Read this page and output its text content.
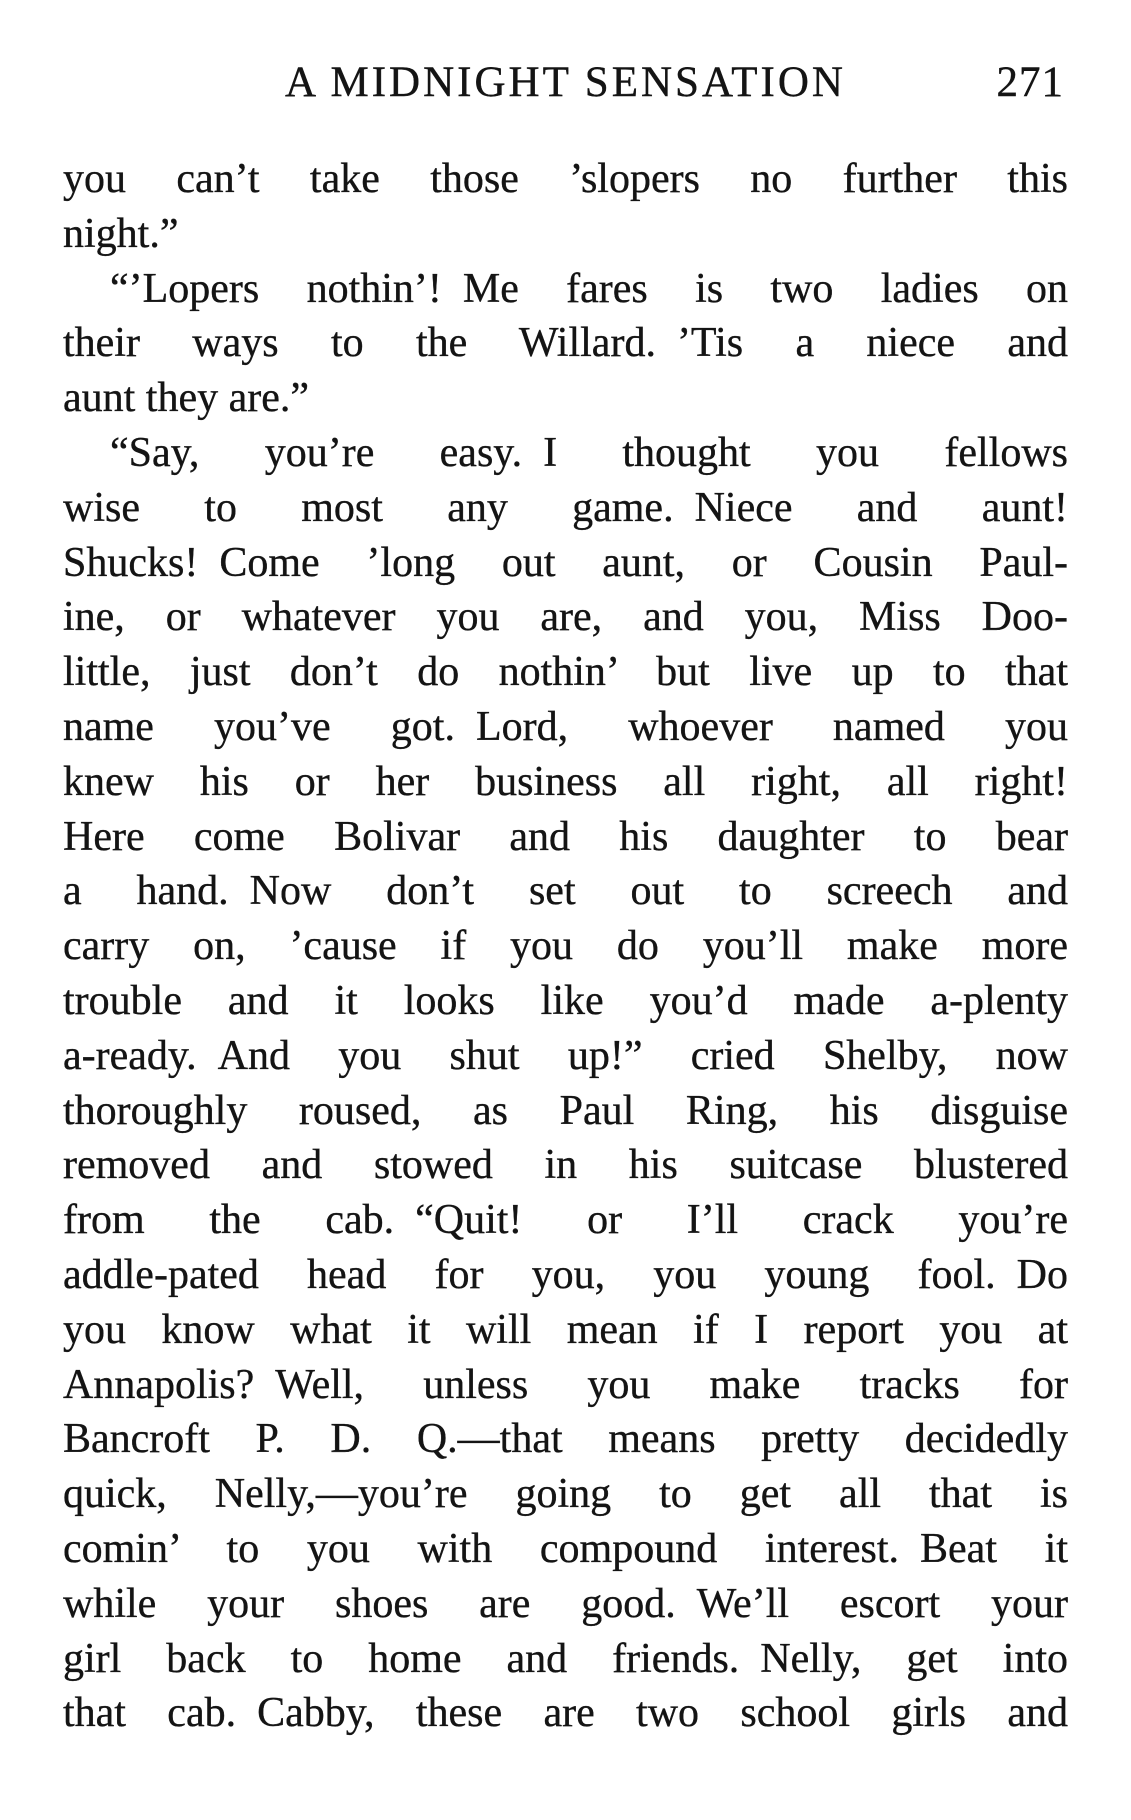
A MIDNIGHT SENSATION	271
you can’t take those ’slopers no further this
night.”
“’Lopers nothin’! Me fares is two ladies on
their ways to the Willard. ’Tis a niece and
aunt they are.”
“Say, you’re easy. I thought you fellows
wise to most any game. Niece and aunt!
Shucks! Come ’long out aunt, or Cousin Paul-
ine, or whatever you are, and you, Miss Doo-
little, just don’t do nothin’ but live up to that
name you’ve got. Lord, whoever named you
knew his or her business all right, all right!
Here come Bolivar and his daughter to bear
a hand. Now don’t set out to screech and
carry on, ’cause if you do you’ll make more
trouble and it looks like you’d made a-plenty
a-ready. And you shut up!” cried Shelby, now
thoroughly roused, as Paul Ring, his disguise
removed and stowed in his suitcase blustered
from the cab. “Quit! or I’ll crack you’re
addle-pated head for you, you young fool. Do
you know what it will mean if I report you at
Annapolis? Well, unless you make tracks for
Bancroft P. D. Q.—that means pretty decidedly
quick, Nelly,—you’re going to get all that is
comin’ to you with compound interest. Beat it
while your shoes are good. We’ll escort your
girl back to home and friends. Nelly, get into
that cab. Cabby, these are two school girls and
